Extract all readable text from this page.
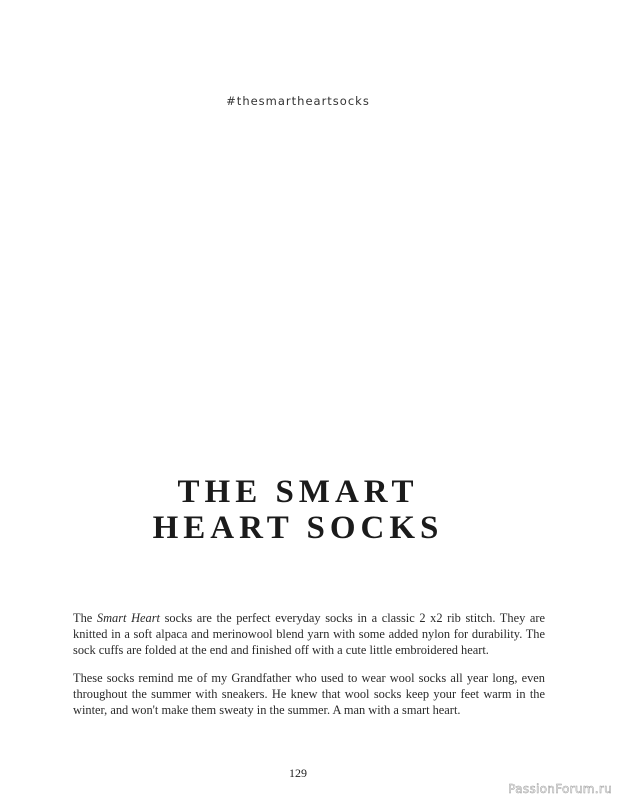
#thesmartheartsocks
THE SMART
HEART SOCKS

The Smart Heart socks are the perfect everyday socks in a classic 2 x2 rib stitch. They are knitted in a soft alpaca and merinowool blend yarn with some added nylon for durability. The sock cuffs are folded at the end and finished off with a cute little embroidered heart.

These socks remind me of my Grandfather who used to wear wool socks all year long, even throughout the summer with sneakers. He knew that wool socks keep your feet warm in the winter, and won't make them sweaty in the summer. A man with a smart heart.

129
PassionForum.ru
